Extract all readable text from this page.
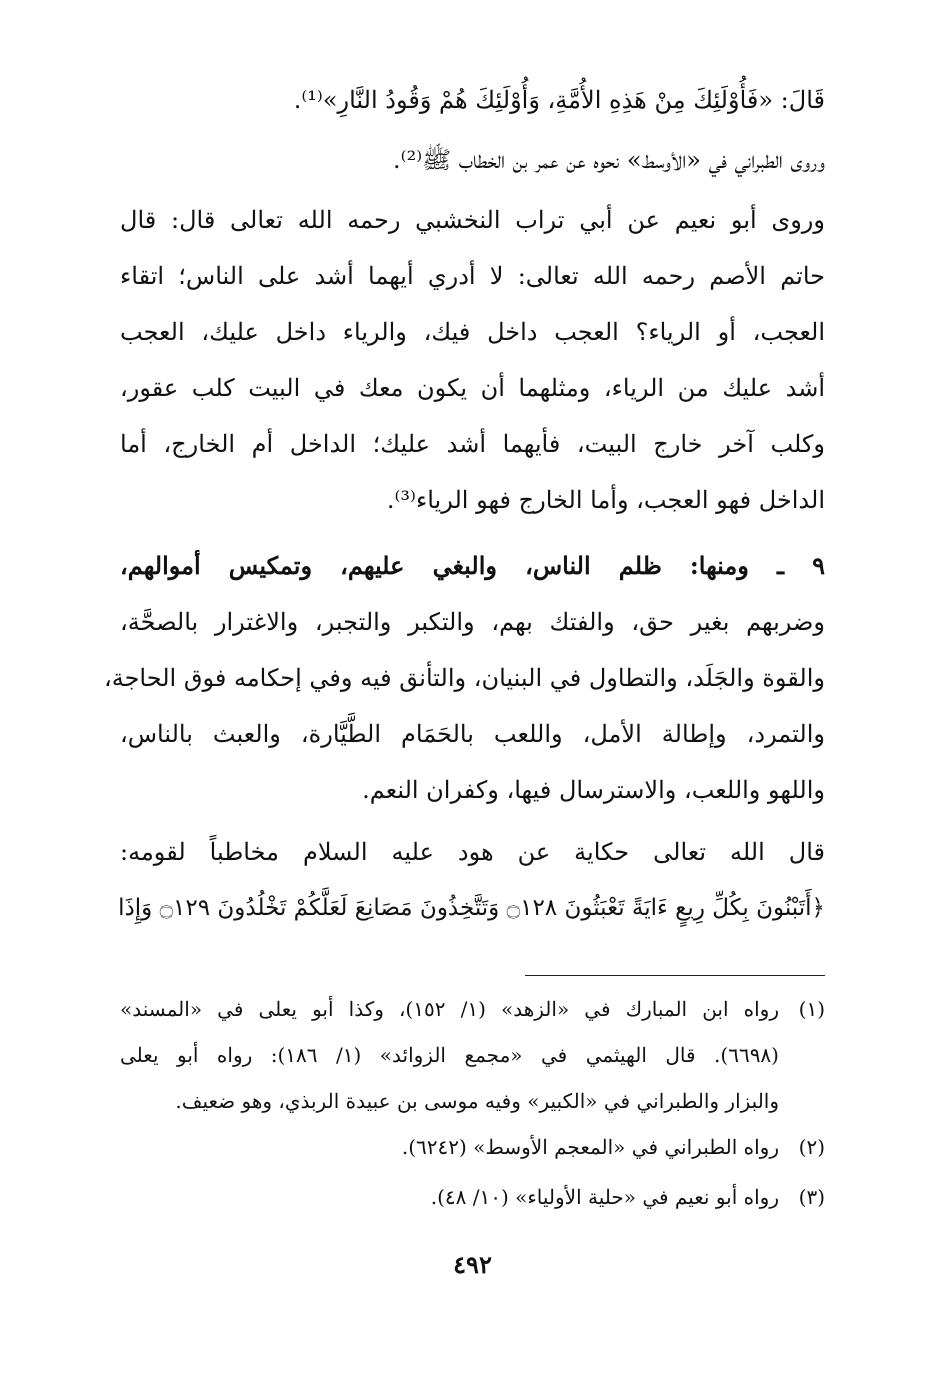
قَالَ: «فَأُوْلَئِكَ مِنْ هَذِهِ الأُمَّةِ، وَأُوْلَئِكَ هُمْ وَقُودُ النَّارِ»⁽¹⁾.
وروى الطبراني في «الأوسط» نحوه عن عمر بن الخطاب ﷺ⁽²⁾.
وروى أبو نعيم عن أبي تراب النخشبي رحمه الله تعالى قال: قال
حاتم الأصم رحمه الله تعالى: لا أدري أيهما أشد على الناس؛ اتقاء
العجب، أو الرياء؟ العجب داخل فيك، والرياء داخل عليك، العجب
أشد عليك من الرياء، ومثلهما أن يكون معك في البيت كلب عقور،
وكلب آخر خارج البيت، فأيهما أشد عليك؛ الداخل أم الخارج، أما
الداخل فهو العجب، وأما الخارج فهو الرياء⁽³⁾.
٩ ـ ومنها: ظلم الناس، والبغي عليهم، وتمكيس أموالهم،
وضربهم بغير حق، والفتك بهم، والتكبر والتجبر، والاغترار بالصحَّة،
والقوة والجَلَد، والتطاول في البنيان، والتأنق فيه وفي إحكامه فوق الحاجة،
والتمرد، وإطالة الأمل، واللعب بالحَمَام الطَّيَّارة، والعبث بالناس،
واللهو واللعب، والاسترسال فيها، وكفران النعم.
قال الله تعالى حكاية عن هود عليه السلام مخاطباً لقومه:
﴿أَتَبْنُونَ بِكُلِّ رِيعٍ ءَايَةً تَعْبَثُونَ ۝١٢٨ وَتَتَّخِذُونَ مَصَانِعَ لَعَلَّكُمْ تَخْلُدُونَ ۝١٢٩ وَإِذَا
(١)رواه ابن المبارك في «الزهد» (١/ ١٥٢)، وكذا أبو يعلى في «المسند»
(٦٦٩٨). قال الهيثمي في «مجمع الزوائد» (١/ ١٨٦): رواه أبو يعلى
والبزار والطبراني في «الكبير» وفيه موسى بن عبيدة الربذي، وهو ضعيف.
(٢)رواه الطبراني في «المعجم الأوسط» (٦٢٤٢).
(٣)رواه أبو نعيم في «حلية الأولياء» (١٠/ ٤٨).
٤٩٢
